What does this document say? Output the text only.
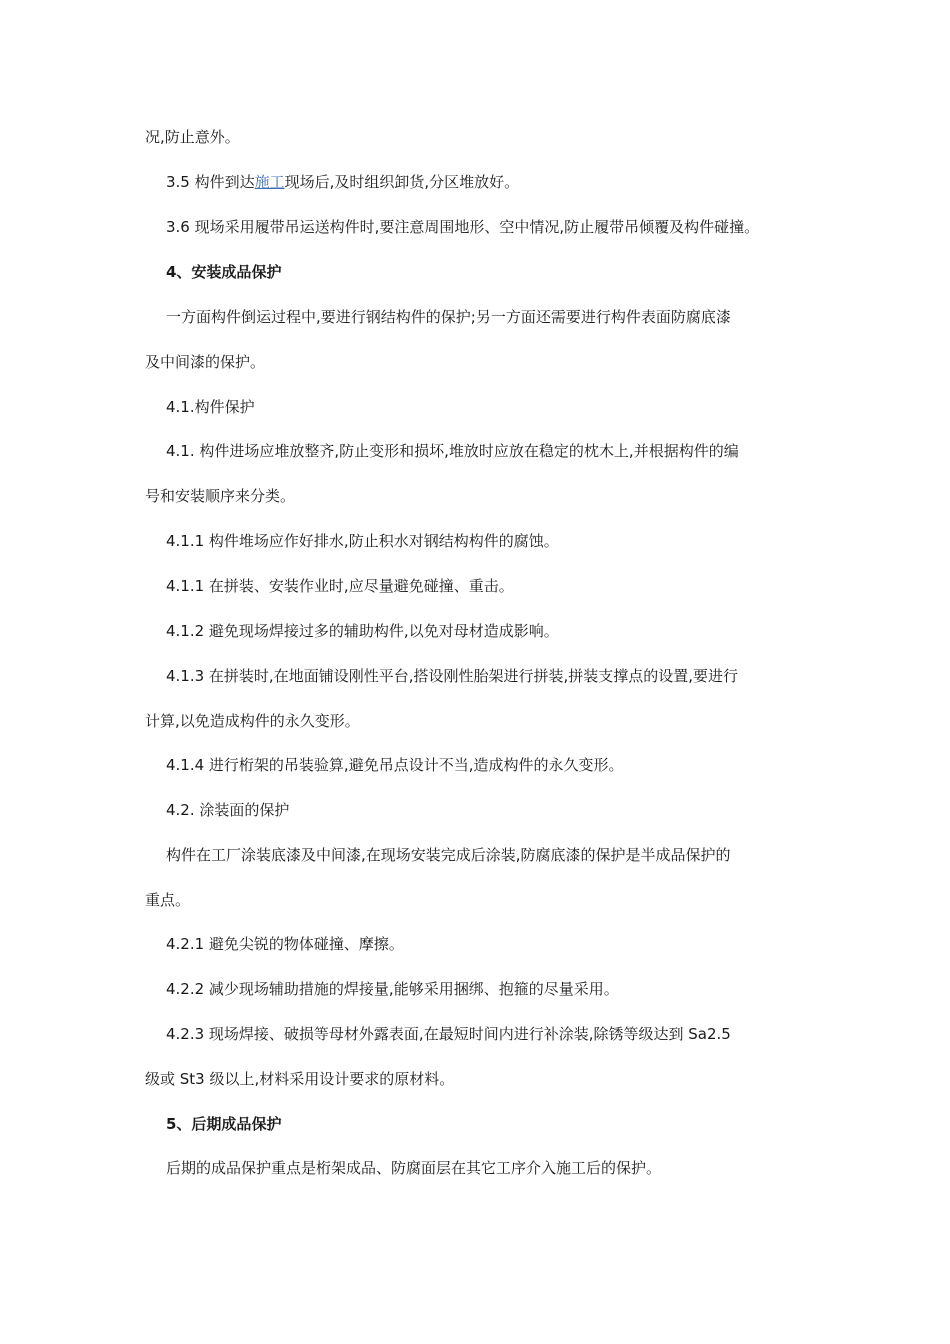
况,防止意外。

3.5 构件到达施工现场后,及时组织卸货,分区堆放好。

3.6 现场采用履带吊运送构件时,要注意周围地形、空中情况,防止履带吊倾覆及构件碰撞。

4、安装成品保护

一方面构件倒运过程中,要进行钢结构件的保护;另一方面还需要进行构件表面防腐底漆

及中间漆的保护。

4.1.构件保护

4.1. 构件进场应堆放整齐,防止变形和损坏,堆放时应放在稳定的枕木上,并根据构件的编

号和安装顺序来分类。

4.1.1 构件堆场应作好排水,防止积水对钢结构构件的腐蚀。

4.1.1 在拼装、安装作业时,应尽量避免碰撞、重击。

4.1.2 避免现场焊接过多的辅助构件,以免对母材造成影响。

4.1.3 在拼装时,在地面铺设刚性平台,搭设刚性胎架进行拼装,拼装支撑点的设置,要进行

计算,以免造成构件的永久变形。

4.1.4 进行桁架的吊装验算,避免吊点设计不当,造成构件的永久变形。

4.2. 涂装面的保护

构件在工厂涂装底漆及中间漆,在现场安装完成后涂装,防腐底漆的保护是半成品保护的

重点。

4.2.1 避免尖锐的物体碰撞、摩擦。

4.2.2 减少现场辅助措施的焊接量,能够采用捆绑、抱箍的尽量采用。

4.2.3 现场焊接、破损等母材外露表面,在最短时间内进行补涂装,除锈等级达到 Sa2.5

级或 St3 级以上,材料采用设计要求的原材料。

5、后期成品保护

后期的成品保护重点是桁架成品、防腐面层在其它工序介入施工后的保护。
